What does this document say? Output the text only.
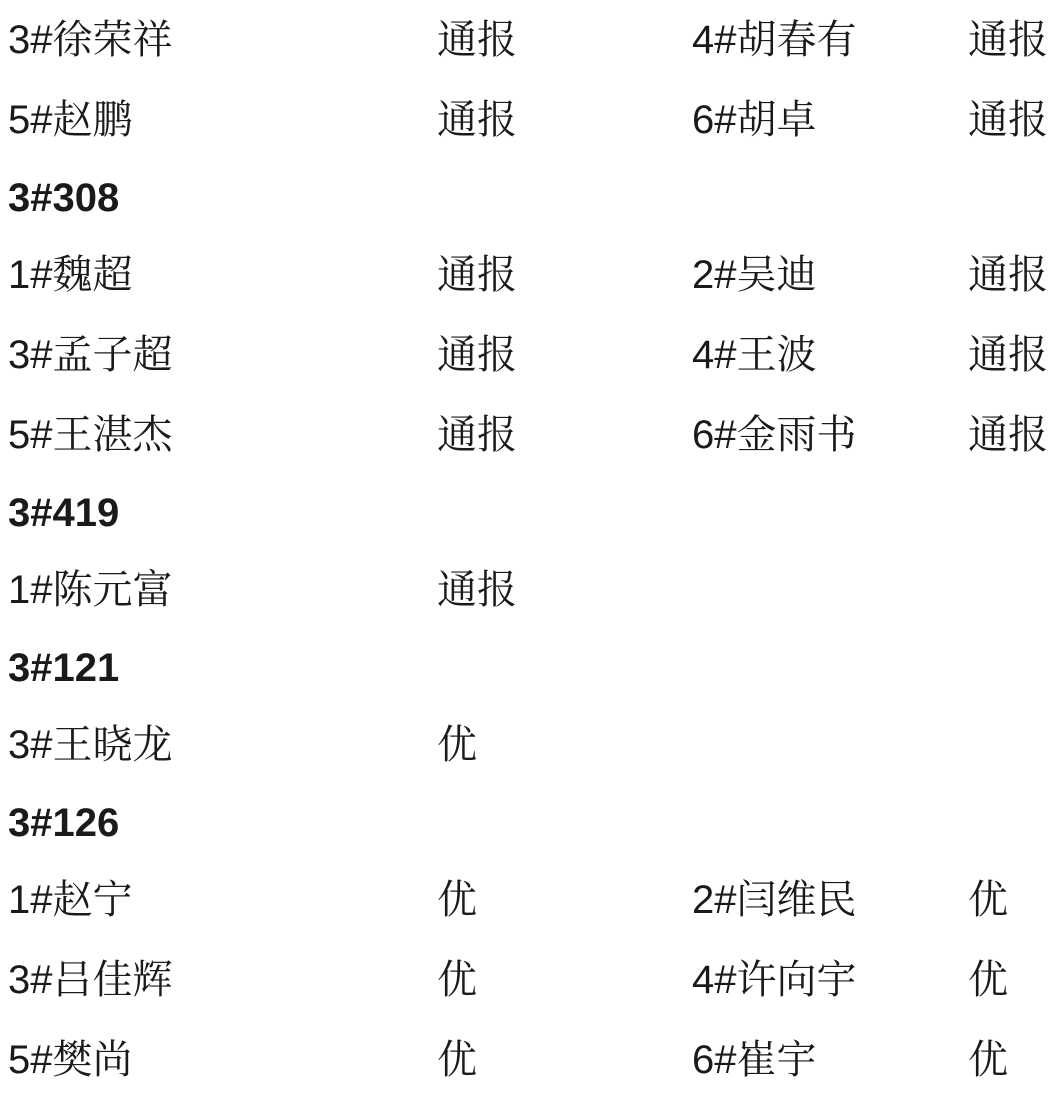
3#徐荣祥	通报	4#胡春有	通报
5#赵鹏	通报	6#胡卓	通报
3#308
1#魏超	通报	2#吴迪	通报
3#孟子超	通报	4#王波	通报
5#王湛杰	通报	6#金雨书	通报
3#419
1#陈元富	通报
3#121
3#王晓龙	优
3#126
1#赵宁	优	2#闫维民	优
3#吕佳辉	优	4#许向宇	优
5#樊尚	优	6#崔宇	优
